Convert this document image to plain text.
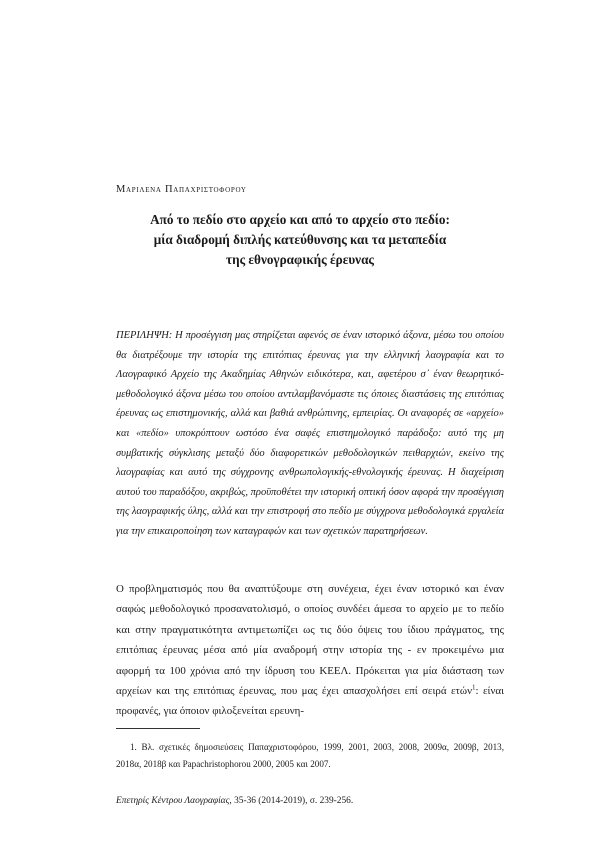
Μαριλενα Παπαχριστοφορου
Από το πεδίο στο αρχείο και από το αρχείο στο πεδίο:
μία διαδρομή διπλής κατεύθυνσης και τα μεταπεδία
της εθνογραφικής έρευνας

ΠΕΡΙΛΗΨΗ: Η προσέγγιση μας στηρίζεται αφενός σε έναν ιστορικό άξονα, μέσω του οποίου θα διατρέξουμε την ιστορία της επιτόπιας έρευνας για την ελληνική λαογραφία και το Λαογραφικό Αρχείο της Ακαδημίας Αθηνών ειδικότερα, και, αφετέρου σ᾽ έναν θεωρητικό-μεθοδολογικό άξονα μέσω του οποίου αντιλαμβανόμαστε τις όποιες διαστάσεις της επιτόπιας έρευνας ως επιστημονικής, αλλά και βαθιά ανθρώπινης, εμπειρίας. Οι αναφορές σε «αρχείο» και «πεδίο» υποκρύπτουν ωστόσο ένα σαφές επιστημολογικό παράδοξο: αυτό της μη συμβατικής σύγκλισης μεταξύ δύο διαφορετικών μεθοδολογικών πειθαρχιών, εκείνο της λαογραφίας και αυτό της σύγχρονης ανθρωπολογικής-εθνολογικής έρευνας. Η διαχείριση αυτού του παραδόξου, ακριβώς, προϋποθέτει την ιστορική οπτική όσον αφορά την προσέγγιση της λαογραφικής ύλης, αλλά και την επιστροφή στο πεδίο με σύγχρονα μεθοδολογικά εργαλεία για την επικαιροποίηση των καταγραφών και των σχετικών παρατηρήσεων.

Ο προβληματισμός που θα αναπτύξουμε στη συνέχεια, έχει έναν ιστορικό και έναν σαφώς μεθοδολογικό προσανατολισμό, ο οποίος συνδέει άμεσα το αρχείο με το πεδίο και στην πραγματικότητα αντιμετωπίζει ως τις δύο όψεις του ίδιου πράγματος, της επιτόπιας έρευνας μέσα από μία αναδρομή στην ιστορία της - εν προκειμένω μια αφορμή τα 100 χρόνια από την ίδρυση του ΚΕΕΛ. Πρόκειται για μία διάσταση των αρχείων και της επιτόπιας έρευνας, που μας έχει απασχολήσει επί σειρά ετών$^1$: είναι προφανές, για όποιον φιλοξενείται ερευνη-

1. Βλ. σχετικές δημοσιεύσεις Παπαχριστοφόρου, 1999, 2001, 2003, 2008, 2009α, 2009β, 2013, 2018α, 2018β και Papachristophorou 2000, 2005 και 2007.

Επετηρίς Κέντρου Λαογραφίας, 35-36 (2014-2019), σ. 239-256.
